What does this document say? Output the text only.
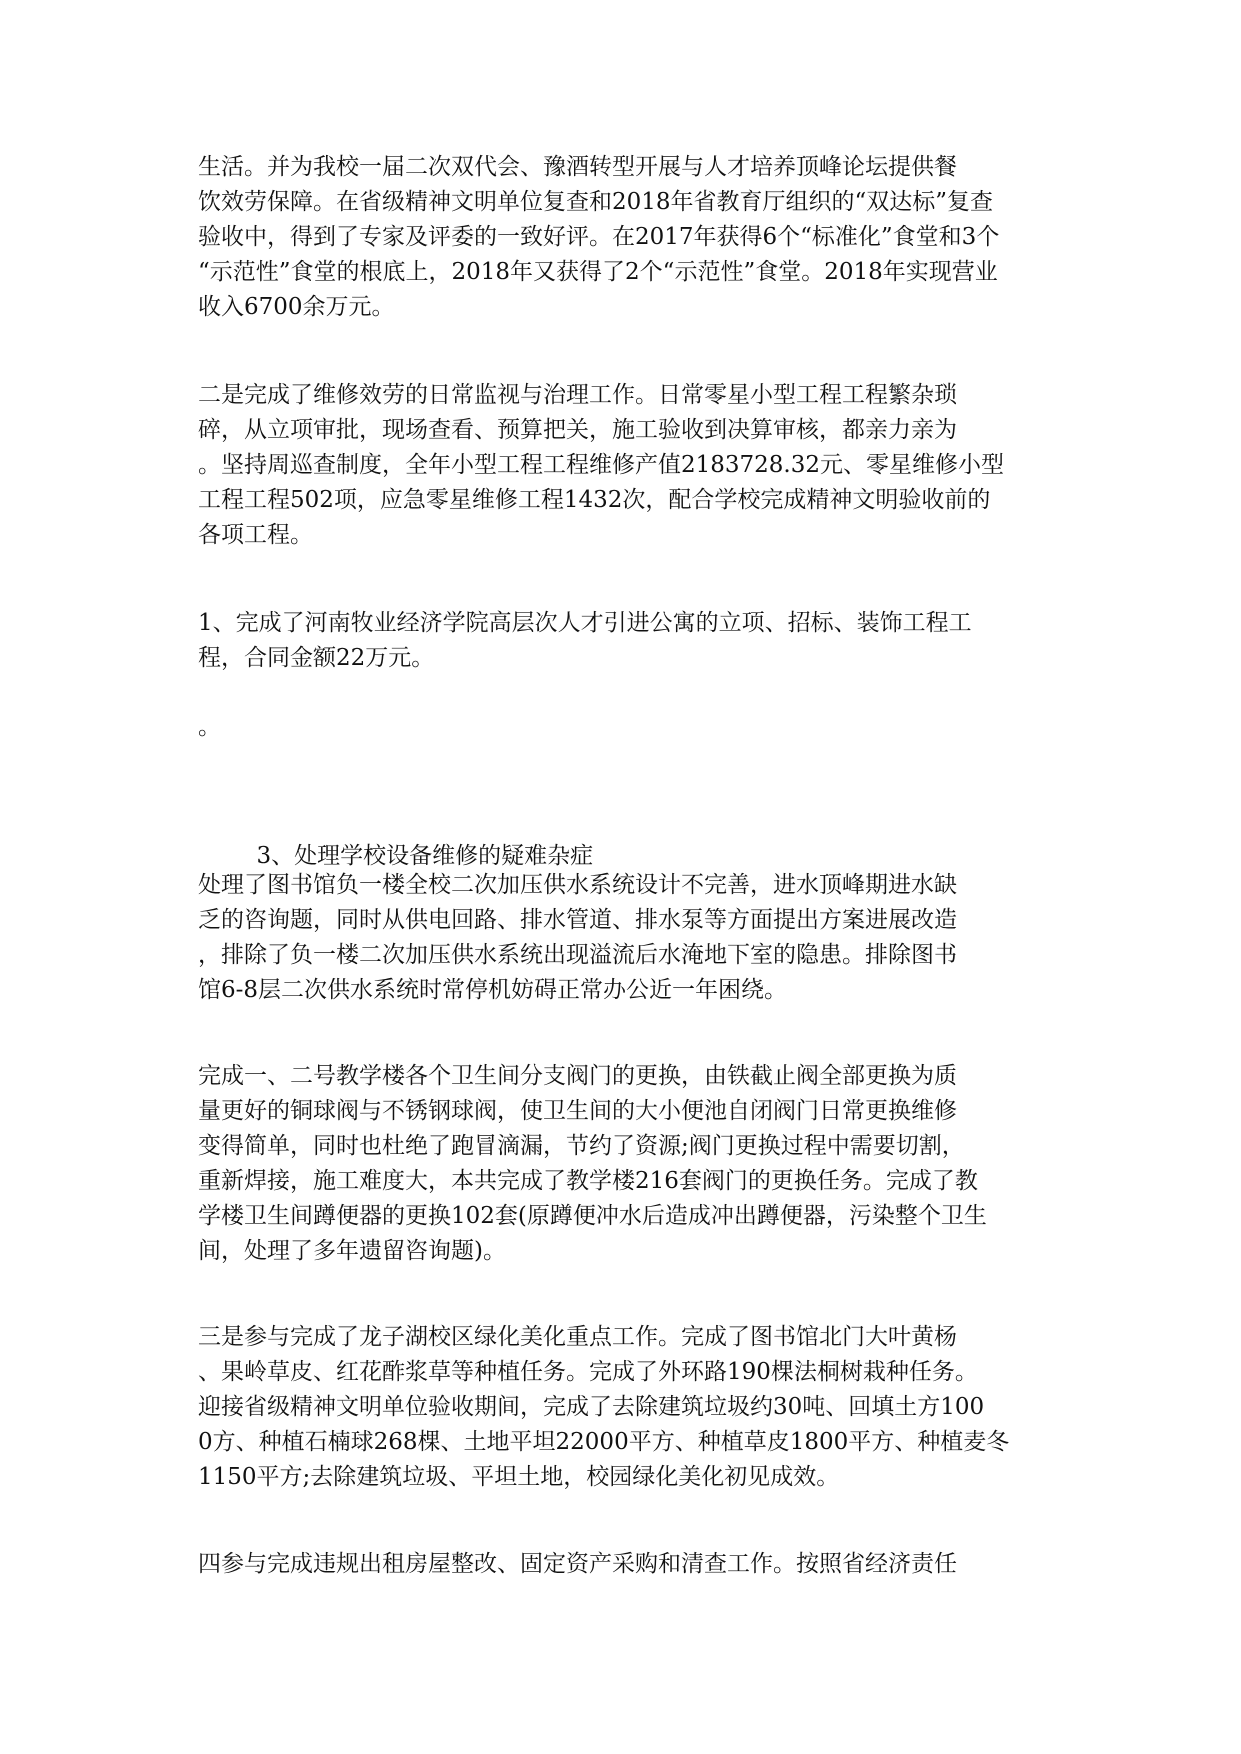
生活。并为我校一届二次双代会、豫酒转型开展与人才培养顶峰论坛提供餐
饮效劳保障。在省级精神文明单位复查和2018年省教育厅组织的“双达标”复查
验收中，得到了专家及评委的一致好评。在2017年获得6个“标准化”食堂和3个
“示范性”食堂的根底上，2018年又获得了2个“示范性”食堂。2018年实现营业
收入6700余万元。
二是完成了维修效劳的日常监视与治理工作。日常零星小型工程工程繁杂琐
碎，从立项审批，现场查看、预算把关，施工验收到决算审核，都亲力亲为
。坚持周巡查制度，全年小型工程工程维修产值2183728.32元、零星维修小型
工程工程502项，应急零星维修工程1432次，配合学校完成精神文明验收前的
各项工程。
1、完成了河南牧业经济学院高层次人才引进公寓的立项、招标、装饰工程工
程，合同金额22万元。
。

3、处理学校设备维修的疑难杂症

处理了图书馆负一楼全校二次加压供水系统设计不完善，进水顶峰期进水缺
乏的咨询题，同时从供电回路、排水管道、排水泵等方面提出方案进展改造
，排除了负一楼二次加压供水系统出现溢流后水淹地下室的隐患。排除图书
馆6-8层二次供水系统时常停机妨碍正常办公近一年困绕。
完成一、二号教学楼各个卫生间分支阀门的更换，由铁截止阀全部更换为质
量更好的铜球阀与不锈钢球阀，使卫生间的大小便池自闭阀门日常更换维修
变得简单，同时也杜绝了跑冒滴漏，节约了资源;阀门更换过程中需要切割，
重新焊接，施工难度大，本共完成了教学楼216套阀门的更换任务。完成了教
学楼卫生间蹲便器的更换102套(原蹲便冲水后造成冲出蹲便器，污染整个卫生
间，处理了多年遗留咨询题)。
三是参与完成了龙子湖校区绿化美化重点工作。完成了图书馆北门大叶黄杨
、果岭草皮、红花酢浆草等种植任务。完成了外环路190棵法桐树栽种任务。
迎接省级精神文明单位验收期间，完成了去除建筑垃圾约30吨、回填土方100
0方、种植石楠球268棵、土地平坦22000平方、种植草皮1800平方、种植麦冬
1150平方;去除建筑垃圾、平坦土地，校园绿化美化初见成效。
四参与完成违规出租房屋整改、固定资产采购和清查工作。按照省经济责任
